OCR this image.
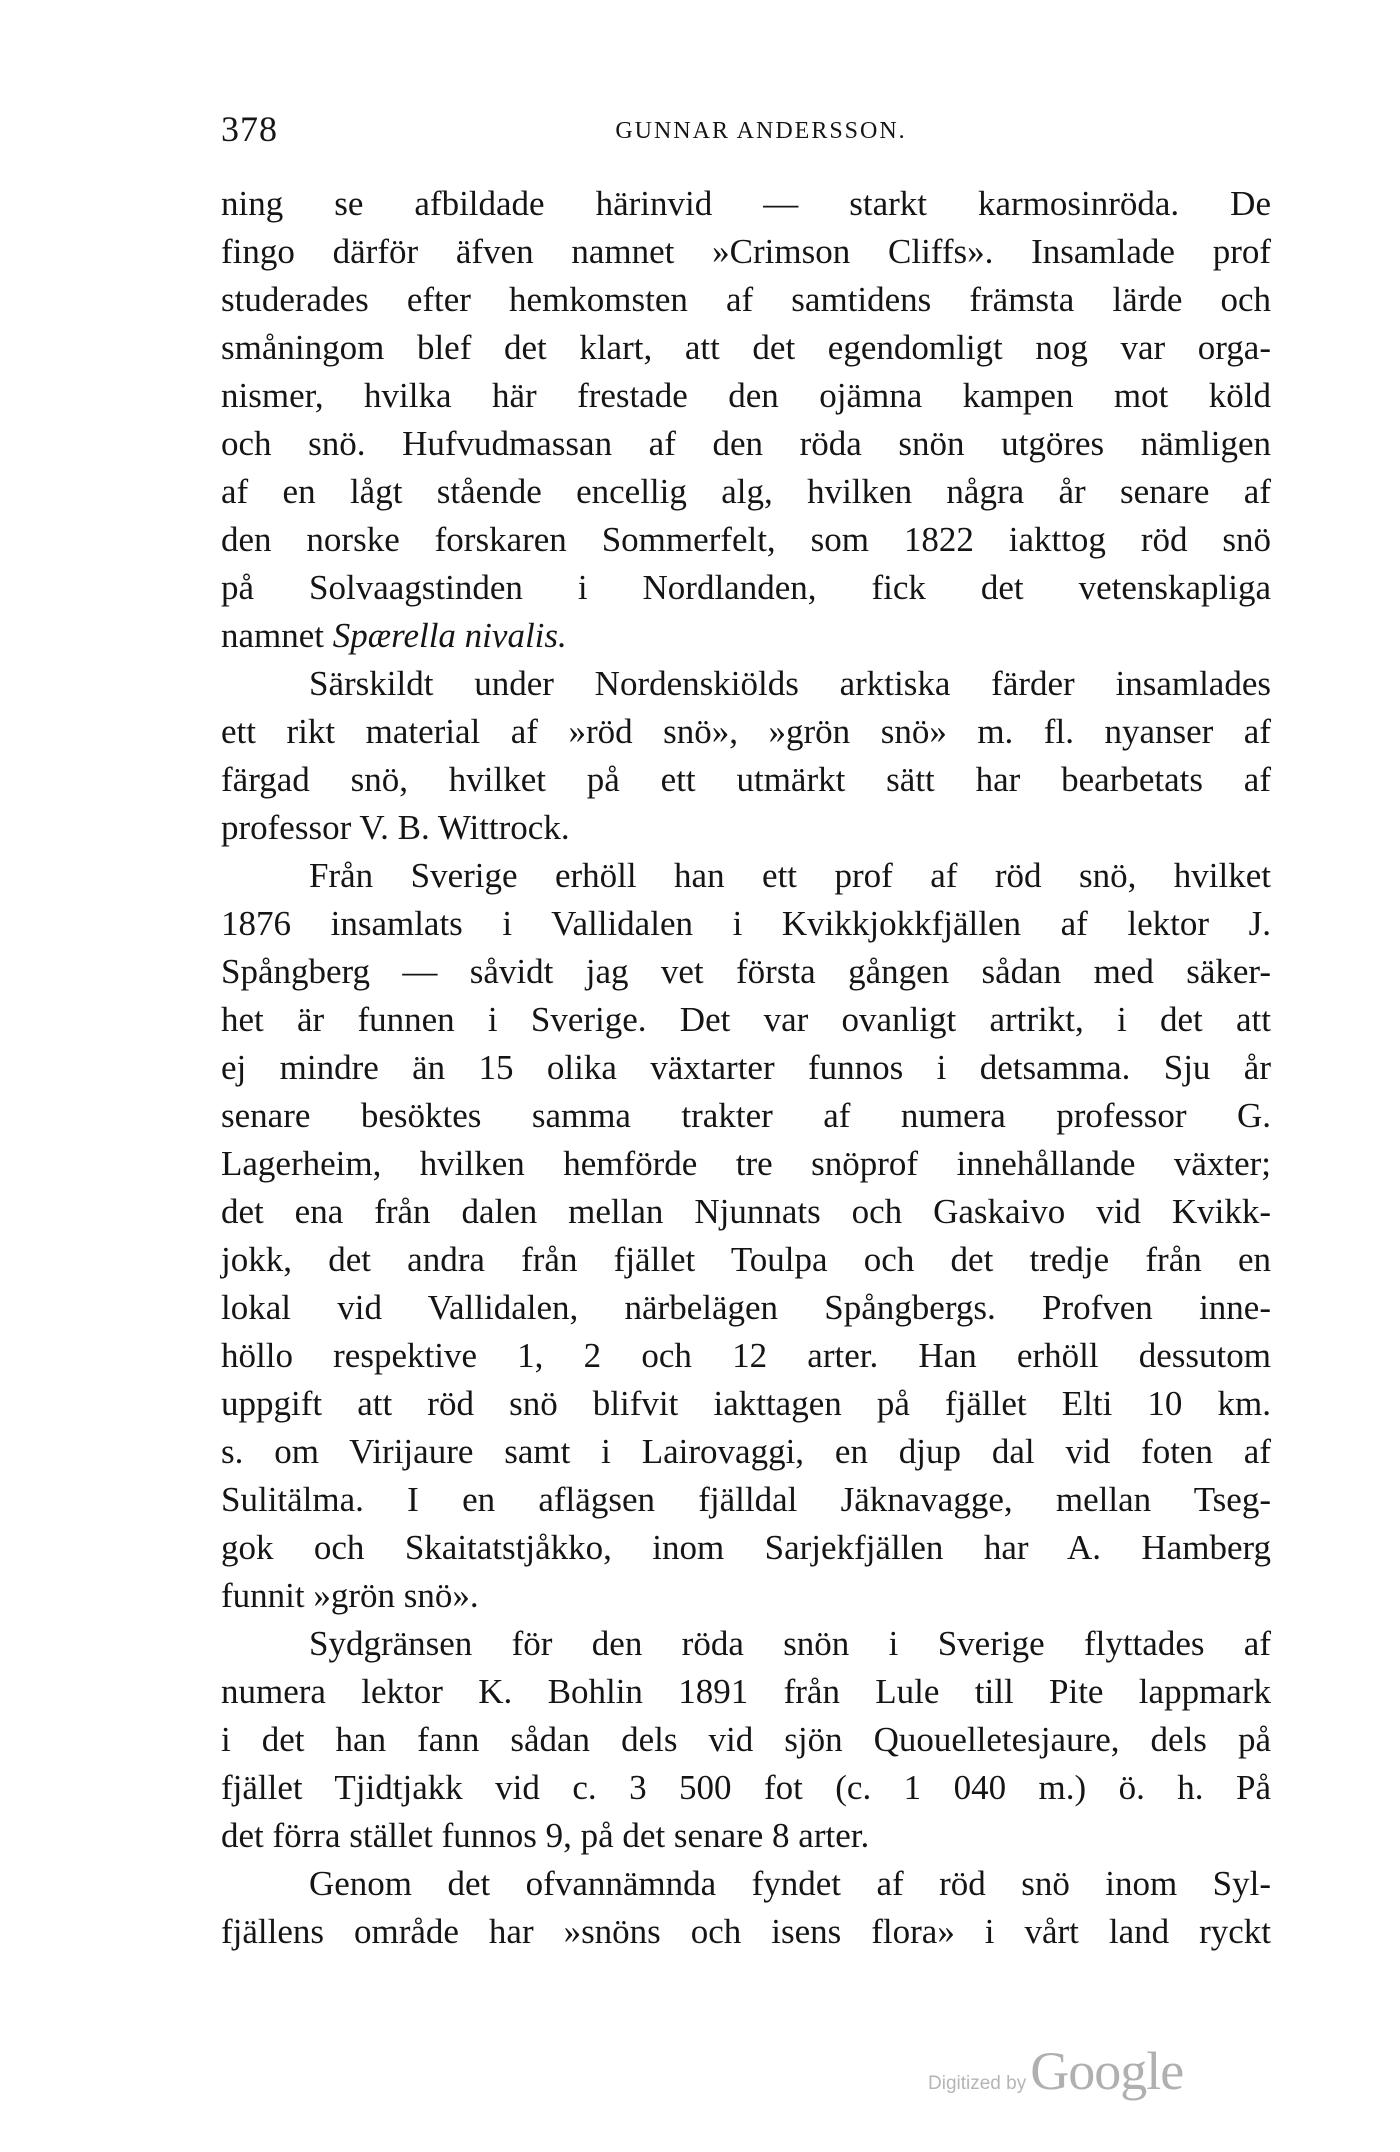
378	GUNNAR ANDERSSON.
ning se afbildade härinvid — starkt karmosinröda. De
fingo därför äfven namnet »Crimson Cliffs». Insamlade prof
studerades efter hemkomsten af samtidens främsta lärde och
småningom blef det klart, att det egendomligt nog var orga-
nismer, hvilka här frestade den ojämna kampen mot köld
och snö. Hufvudmassan af den röda snön utgöres nämligen
af en lågt stående encellig alg, hvilken några år senare af
den norske forskaren Sommerfelt, som 1822 iakttog röd snö
på Solvaagstinden i Nordlanden, fick det vetenskapliga
namnet Spærella nivalis.
Särskildt under Nordenskiölds arktiska färder insamlades
ett rikt material af »röd snö», »grön snö» m. fl. nyanser af
färgad snö, hvilket på ett utmärkt sätt har bearbetats af
professor V. B. Wittrock.
Från Sverige erhöll han ett prof af röd snö, hvilket
1876 insamlats i Vallidalen i Kvikkjokkfjällen af lektor J.
Spångberg — såvidt jag vet första gången sådan med säker-
het är funnen i Sverige. Det var ovanligt artrikt, i det att
ej mindre än 15 olika växtarter funnos i detsamma. Sju år
senare besöktes samma trakter af numera professor G.
Lagerheim, hvilken hemförde tre snöprof innehållande växter;
det ena från dalen mellan Njunnats och Gaskaivo vid Kvikk-
jokk, det andra från fjället Toulpa och det tredje från en
lokal vid Vallidalen, närbelägen Spångbergs. Profven inne-
höllo respektive 1, 2 och 12 arter. Han erhöll dessutom
uppgift att röd snö blifvit iakttagen på fjället Elti 10 km.
s. om Virijaure samt i Lairovaggi, en djup dal vid foten af
Sulitälma. I en aflägsen fjälldal Jäknavagge, mellan Tseg-
gok och Skaitatstjåkko, inom Sarjekfjällen har A. Hamberg
funnit »grön snö».
Sydgränsen för den röda snön i Sverige flyttades af
numera lektor K. Bohlin 1891 från Lule till Pite lappmark
i det han fann sådan dels vid sjön Quouelletesjaure, dels på
fjället Tjidtjakk vid c. 3 500 fot (c. 1 040 m.) ö. h. På
det förra stället funnos 9, på det senare 8 arter.
Genom det ofvannämnda fyndet af röd snö inom Syl-
fjällens område har »snöns och isens flora» i vårt land ryckt
Digitized by Google
